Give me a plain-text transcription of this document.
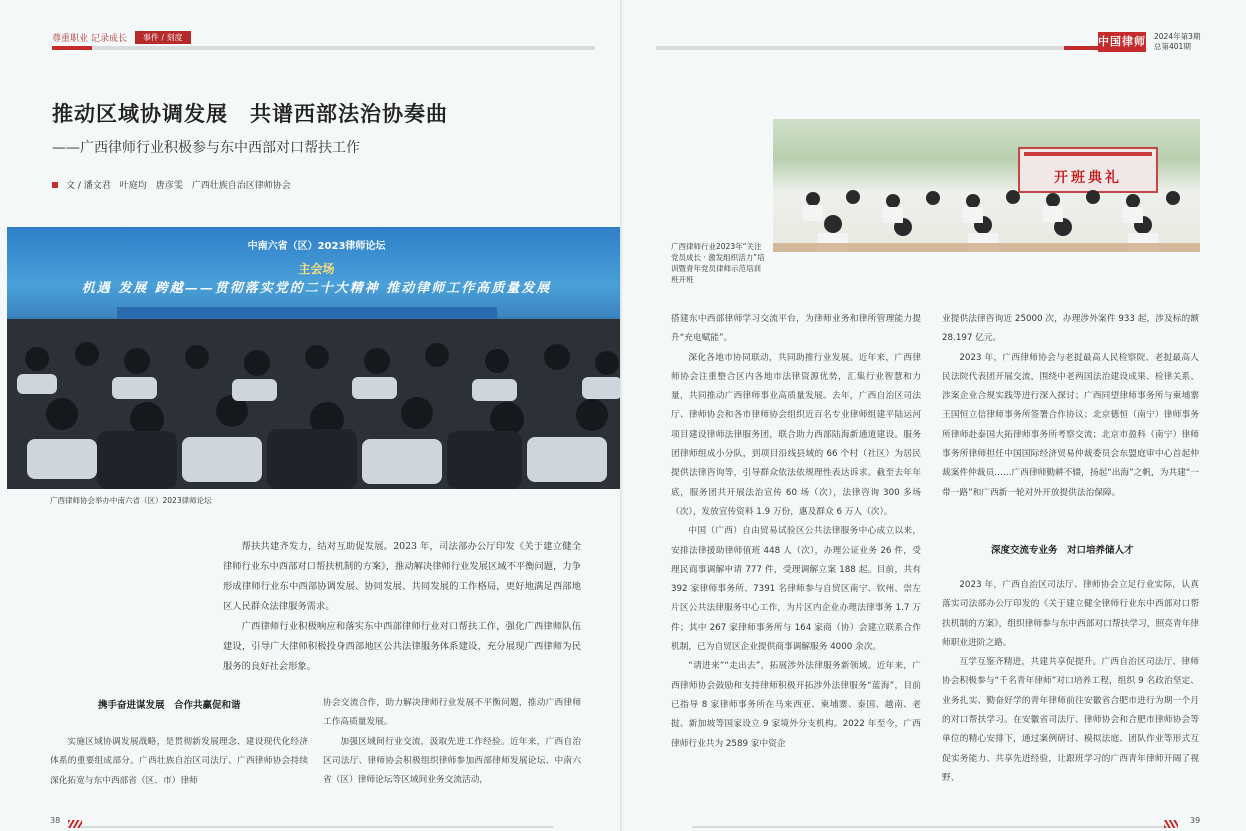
尊重职业 记录成长	事件 / 刻度
推动区域协调发展　共谱西部法治协奏曲
——广西律师行业积极参与东中西部对口帮扶工作
文 / 潘文君　叶庭均　唐彦雯　广西壮族自治区律师协会
中南六省（区）2023律师论坛
主会场
机遇 发展 跨越——贯彻落实党的二十大精神 推动律师工作高质量发展
广西律师协会举办中南六省（区）2023律师论坛

帮扶共建齐发力，结对互助促发展。2023 年，司法部办公厅印发《关于建立健全律师行业东中西部对口帮扶机制的方案》，推动解决律师行业发展区域不平衡问题，力争形成律师行业东中西部协调发展、协同发展、共同发展的工作格局，更好地满足西部地区人民群众法律服务需求。

广西律师行业积极响应和落实东中西部律师行业对口帮扶工作，强化广西律师队伍建设，引导广大律师积极投身西部地区公共法律服务体系建设，充分展现广西律师为民服务的良好社会形象。

携手奋进谋发展　合作共赢促和谐

实施区域协调发展战略，是贯彻新发展理念、建设现代化经济体系的重要组成部分。广西壮族自治区司法厅、广西律师协会持续深化拓宽与东中西部省（区、市）律师

协会交流合作，助力解决律师行业发展不平衡问题，推动广西律师工作高质量发展。

加强区域间行业交流，汲取先进工作经验。近年来，广西自治区司法厅、律师协会积极组织律师参加西部律师发展论坛、中南六省（区）律师论坛等区域间业务交流活动，

38
中国律师 2024年第3期
总第401期
开班典礼
广西律师行业2023年“关注党员成长 · 激发组织活力”培训暨青年党员律师示范培训班开班

搭建东中西部律师学习交流平台，为律师业务和律所管理能力提升“充电赋能”。

深化各地市协同联动，共同助推行业发展。近年来，广西律师协会注重整合区内各地市法律资源优势，汇集行业智慧和力量，共同推动广西律师事业高质量发展。去年，广西自治区司法厅、律师协会和各市律师协会组织近百名专业律师组建平陆运河项目建设律师法律服务团，联合助力西部陆海新通道建设。服务团律师组成小分队，到项目沿线县域的 66 个村（社区）为居民提供法律咨询等，引导群众依法依规理性表达诉求。截至去年年底，服务团共开展法治宣传 60 场（次），法律咨询 300 多场（次），发放宣传资料 1.9 万份，惠及群众 6 万人（次）。

中国（广西）自由贸易试验区公共法律服务中心成立以来，安排法律援助律师值班 448 人（次），办理公证业务 26 件，受理民商事调解申请 777 件，受理调解立案 188 起。目前，共有 392 家律师事务所、7391 名律师参与自贸区南宁、钦州、崇左片区公共法律服务中心工作，为片区内企业办理法律事务 1.7 万件；其中 267 家律师事务所与 164 家商（协）会建立联系合作机制，已为自贸区企业提供商事调解服务 4000 余次。

“请进来”“走出去”，拓展涉外法律服务新领域。近年来，广西律师协会鼓励和支持律师积极开拓涉外法律服务“蓝海”，目前已指导 8 家律师事务所在马来西亚、柬埔寨、泰国、越南、老挝、新加坡等国家设立 9 家境外分支机构。2022 年至今，广西律师行业共为 2589 家中资企

业提供法律咨询近 25000 次，办理涉外案件 933 起，涉及标的额 28.197 亿元。

2023 年，广西律师协会与老挝最高人民检察院、老挝最高人民法院代表团开展交流，围绕中老两国法治建设成果、检律关系、涉案企业合规实践等进行深入探讨；广西同望律师事务所与柬埔寨王国恒立信律师事务所签署合作协议；北京德恒（南宁）律师事务所律师赴泰国大拓律师事务所考察交流；北京市盈科（南宁）律师事务所律师担任中国国际经济贸易仲裁委员会东盟庭审中心首起仲裁案件仲裁员……广西律师勤耕不辍，扬起“出海”之帆，为共建“一带一路”和广西新一轮对外开放提供法治保障。

深度交流专业务　对口培养储人才

2023 年，广西自治区司法厅、律师协会立足行业实际，认真落实司法部办公厅印发的《关于建立健全律师行业东中西部对口帮扶机制的方案》，组织律师参与东中西部对口帮扶学习，照亮青年律师职业进阶之路。

互学互鉴齐精进，共建共享促提升。广西自治区司法厅、律师协会积极参与“千名青年律师”对口培养工程，组织 9 名政治坚定、业务扎实、勤奋好学的青年律师前往安徽省合肥市进行为期一个月的对口帮扶学习。在安徽省司法厅、律师协会和合肥市律师协会等单位的精心安排下，通过案例研讨、模拟法庭、团队作业等形式互促实务能力、共享先进经验，让跟班学习的广西青年律师开阔了视野、

39
